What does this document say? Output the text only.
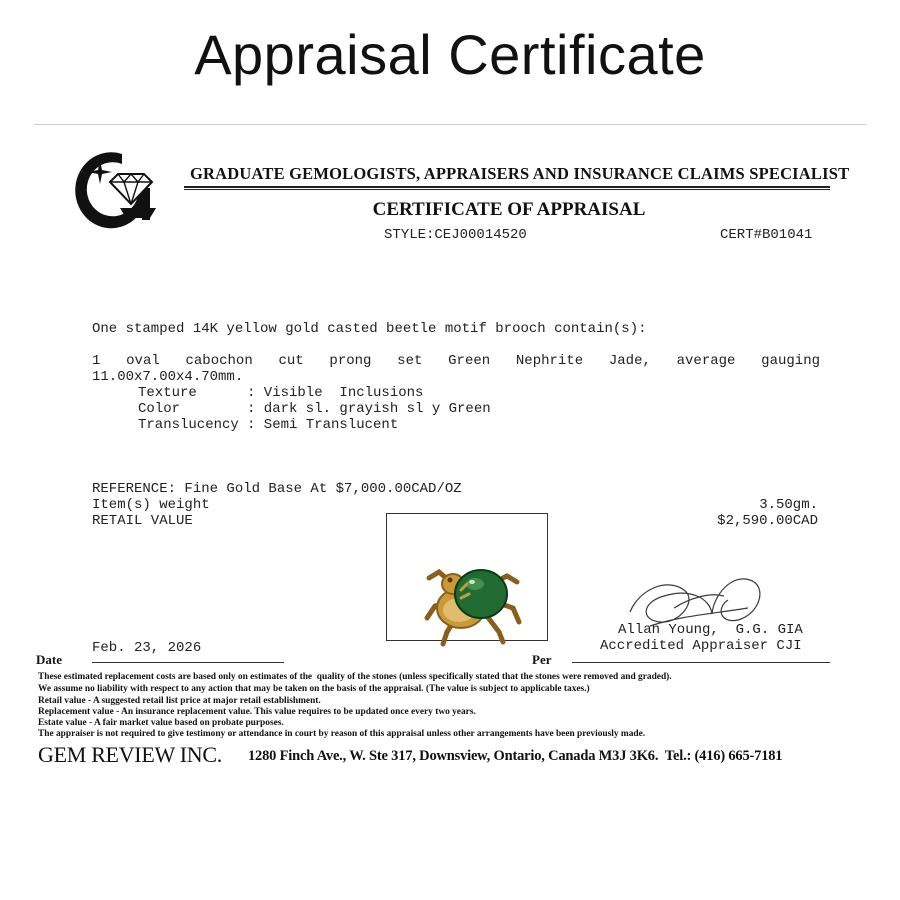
Appraisal Certificate
GRADUATE GEMOLOGISTS, APPRAISERS AND INSURANCE CLAIMS SPECIALIST
CERTIFICATE OF APPRAISAL
STYLE:CEJ00014520	CERT#B01041
One stamped 14K yellow gold casted beetle motif brooch contain(s):
1 oval cabochon cut prong set Green Nephrite Jade, average gauging
11.00x7.00x4.70mm.
Texture	: Visible  Inclusions
Color	: dark sl. grayish sl y Green
Translucency : Semi Translucent
REFERENCE: Fine Gold Base At $7,000.00CAD/OZ
Item(s) weight	3.50gm.
RETAIL VALUE	$2,590.00CAD

Allan Young,  G.G. GIA
Accredited Appraiser CJI
Feb. 23, 2026
Date	Per
These estimated replacement costs are based only on estimates of the  quality of the stones (unless specifically stated that the stones were removed and graded).
We assume no liability with respect to any action that may be taken on the basis of the appraisal. (The value is subject to applicable taxes.)
Retail value - A suggested retail list price at major retail establishment.
Replacement value - An insurance replacement value. This value requires to be updated once every two years.
Estate value - A fair market value based on probate purposes.
The appraiser is not required to give testimony or attendance in court by reason of this appraisal unless other arrangements have been previously made.
GEM REVIEW INC. 1280 Finch Ave., W. Ste 317, Downsview, Ontario, Canada M3J 3K6.  Tel.: (416) 665-7181
